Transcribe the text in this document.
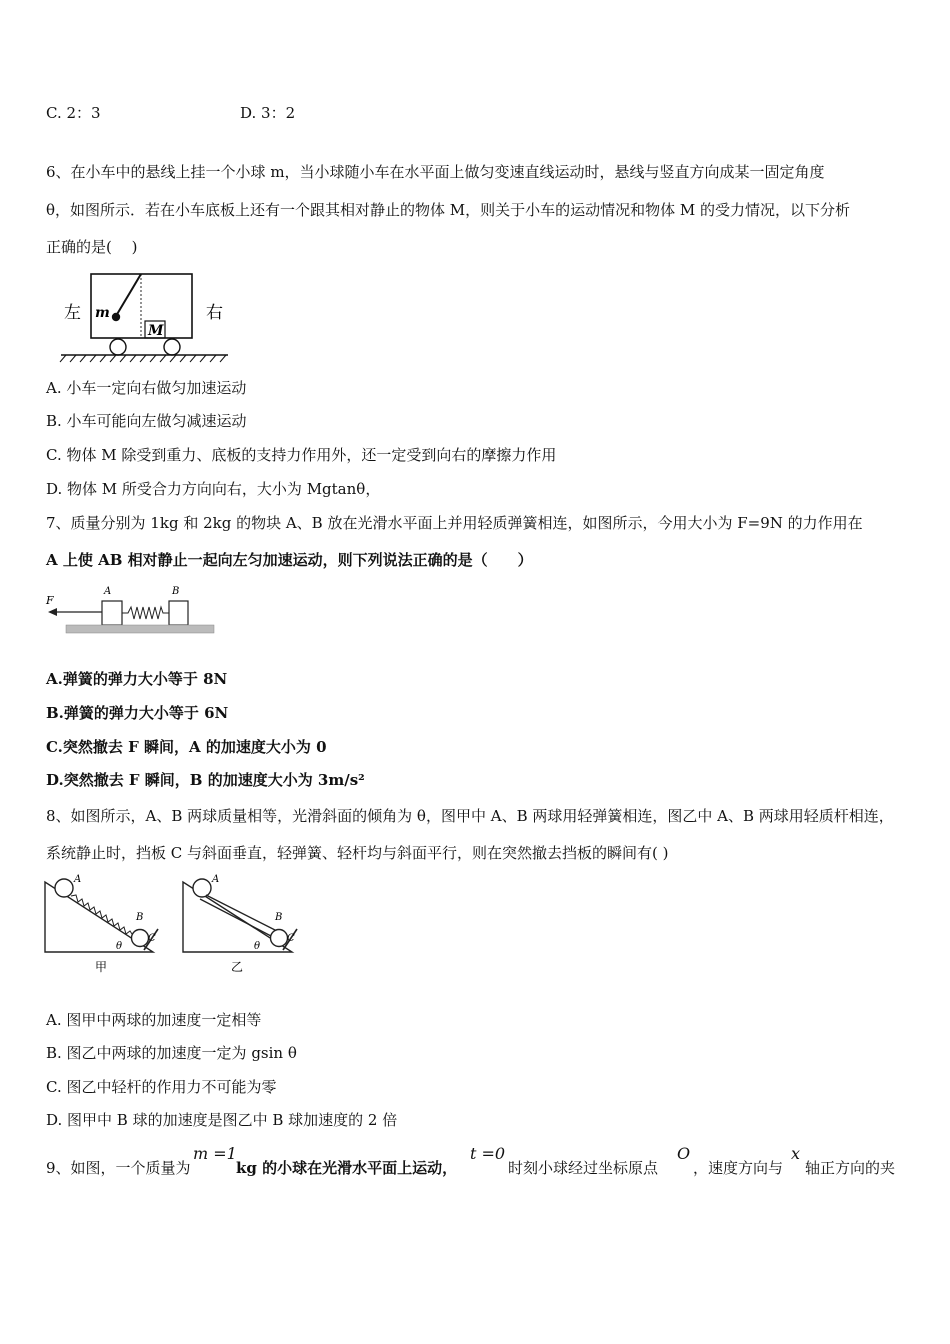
C. 2：3	D. 3：2
6、在小车中的悬线上挂一个小球 m，当小球随小车在水平面上做匀变速直线运动时，悬线与竖直方向成某一固定角度
θ，如图所示．若在小车底板上还有一个跟其相对静止的物体 M，则关于小车的运动情况和物体 M 的受力情况，以下分析
正确的是(　 )
左	右
m
M
A. 小车一定向右做匀加速运动
B. 小车可能向左做匀减速运动
C. 物体 M 除受到重力、底板的支持力作用外，还一定受到向右的摩擦力作用
D. 物体 M 所受合力方向向右，大小为 Mgtanθ，
7、质量分别为 1kg 和 2kg 的物块 A、B 放在光滑水平面上并用轻质弹簧相连，如图所示，今用大小为 F=9N 的力作用在
A 上使 AB 相对静止一起向左匀加速运动，则下列说法正确的是（　　）
F
A	B
A.弹簧的弹力大小等于 8N
B.弹簧的弹力大小等于 6N
C.突然撤去 F 瞬间，A 的加速度大小为 0
D.突然撤去 F 瞬间，B 的加速度大小为 3m/s²
8、如图所示，A、B 两球质量相等，光滑斜面的倾角为 θ，图甲中 A、B 两球用轻弹簧相连，图乙中 A、B 两球用轻质杆相连，
系统静止时，挡板 C 与斜面垂直，轻弹簧、轻杆均与斜面平行，则在突然撤去挡板的瞬间有( )
A
B
C
θ
甲
A
B
C
θ
乙
A. 图甲中两球的加速度一定相等
B. 图乙中两球的加速度一定为 gsin θ
C. 图乙中轻杆的作用力不可能为零
D. 图甲中 B 球的加速度是图乙中 B 球加速度的 2 倍
9、如图，一个质量为
m =1
kg 的小球在光滑水平面上运动，
t =0
时刻小球经过坐标原点
O
，速度方向与
x
轴正方向的夹
